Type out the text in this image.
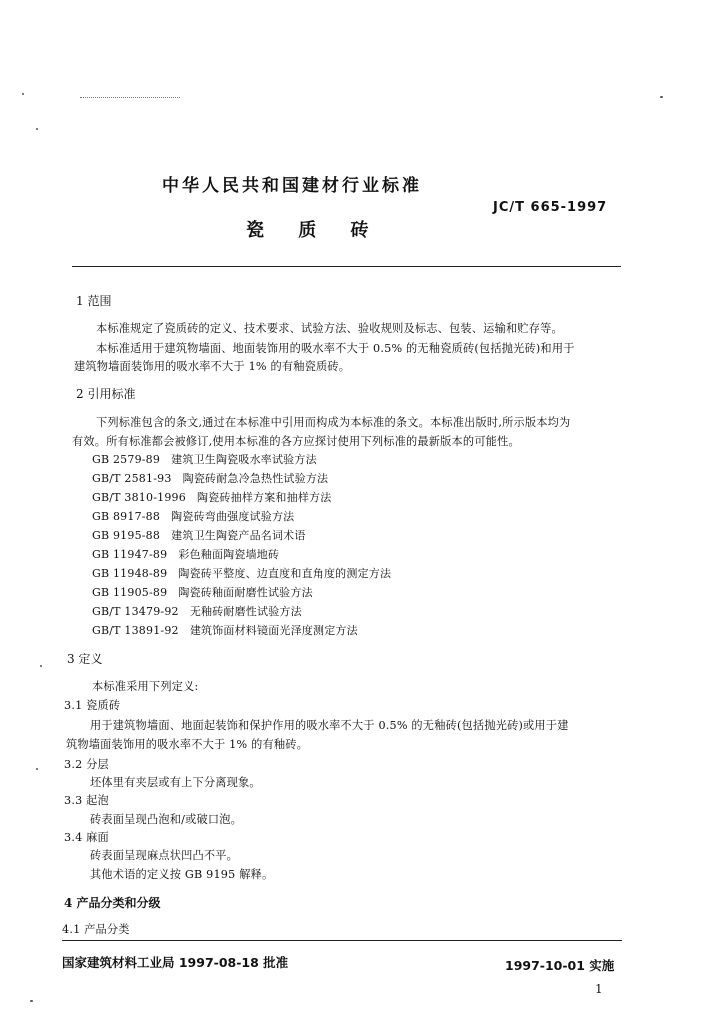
中华人民共和国建材行业标准
JC/T 665-1997
瓷 质 砖
1 范围
本标准规定了瓷质砖的定义、技术要求、试验方法、验收规则及标志、包装、运输和贮存等。
本标准适用于建筑物墙面、地面装饰用的吸水率不大于 0.5% 的无釉瓷质砖(包括抛光砖)和用于
建筑物墙面装饰用的吸水率不大于 1% 的有釉瓷质砖。
2 引用标准
下列标准包含的条文,通过在本标准中引用而构成为本标准的条文。本标准出版时,所示版本均为
有效。所有标准都会被修订,使用本标准的各方应探讨使用下列标准的最新版本的可能性。
GB 2579-89 建筑卫生陶瓷吸水率试验方法
GB/T 2581-93 陶瓷砖耐急冷急热性试验方法
GB/T 3810-1996 陶瓷砖抽样方案和抽样方法
GB 8917-88 陶瓷砖弯曲强度试验方法
GB 9195-88 建筑卫生陶瓷产品名词术语
GB 11947-89 彩色釉面陶瓷墙地砖
GB 11948-89 陶瓷砖平整度、边直度和直角度的测定方法
GB 11905-89 陶瓷砖釉面耐磨性试验方法
GB/T 13479-92 无釉砖耐磨性试验方法
GB/T 13891-92 建筑饰面材料镜面光泽度测定方法
3 定义
本标准采用下列定义:
3.1 瓷质砖
用于建筑物墙面、地面起装饰和保护作用的吸水率不大于 0.5% 的无釉砖(包括抛光砖)或用于建
筑物墙面装饰用的吸水率不大于 1% 的有釉砖。
3.2 分层
坯体里有夹层或有上下分离现象。
3.3 起泡
砖表面呈现凸泡和/或破口泡。
3.4 麻面
砖表面呈现麻点状凹凸不平。
其他术语的定义按 GB 9195 解释。
4 产品分类和分级
4.1 产品分类
国家建筑材料工业局 1997-08-18 批准	1997-10-01 实施
1
